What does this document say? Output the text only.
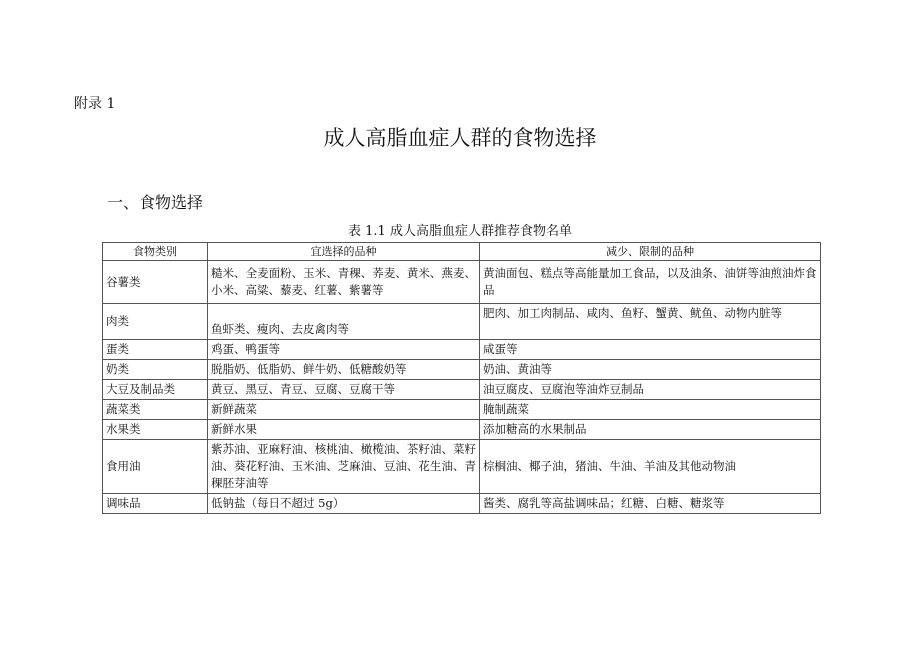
附录 1
成人高脂血症人群的食物选择
一、食物选择
表 1.1 成人高脂血症人群推荐食物名单
食物类别	宜选择的品种	减少、限制的品种
谷薯类	糙米、全麦面粉、玉米、青稞、荞麦、黄米、燕麦、小米、高粱、藜麦、红薯、紫薯等	黄油面包、糕点等高能量加工食品，以及油条、油饼等油煎油炸食品
肉类	鱼虾类、瘦肉、去皮禽肉等	肥肉、加工肉制品、咸肉、鱼籽、蟹黄、鱿鱼、动物内脏等
蛋类	鸡蛋、鸭蛋等	咸蛋等
奶类	脱脂奶、低脂奶、鲜牛奶、低糖酸奶等	奶油、黄油等
大豆及制品类	黄豆、黑豆、青豆、豆腐、豆腐干等	油豆腐皮、豆腐泡等油炸豆制品
蔬菜类	新鲜蔬菜	腌制蔬菜
水果类	新鲜水果	添加糖高的水果制品
食用油	紫苏油、亚麻籽油、核桃油、橄榄油、茶籽油、菜籽油、葵花籽油、玉米油、芝麻油、豆油、花生油、青稞胚芽油等	棕榈油、椰子油，猪油、牛油、羊油及其他动物油
调味品	低钠盐（每日不超过 5g）	酱类、腐乳等高盐调味品；红糖、白糖、糖浆等
